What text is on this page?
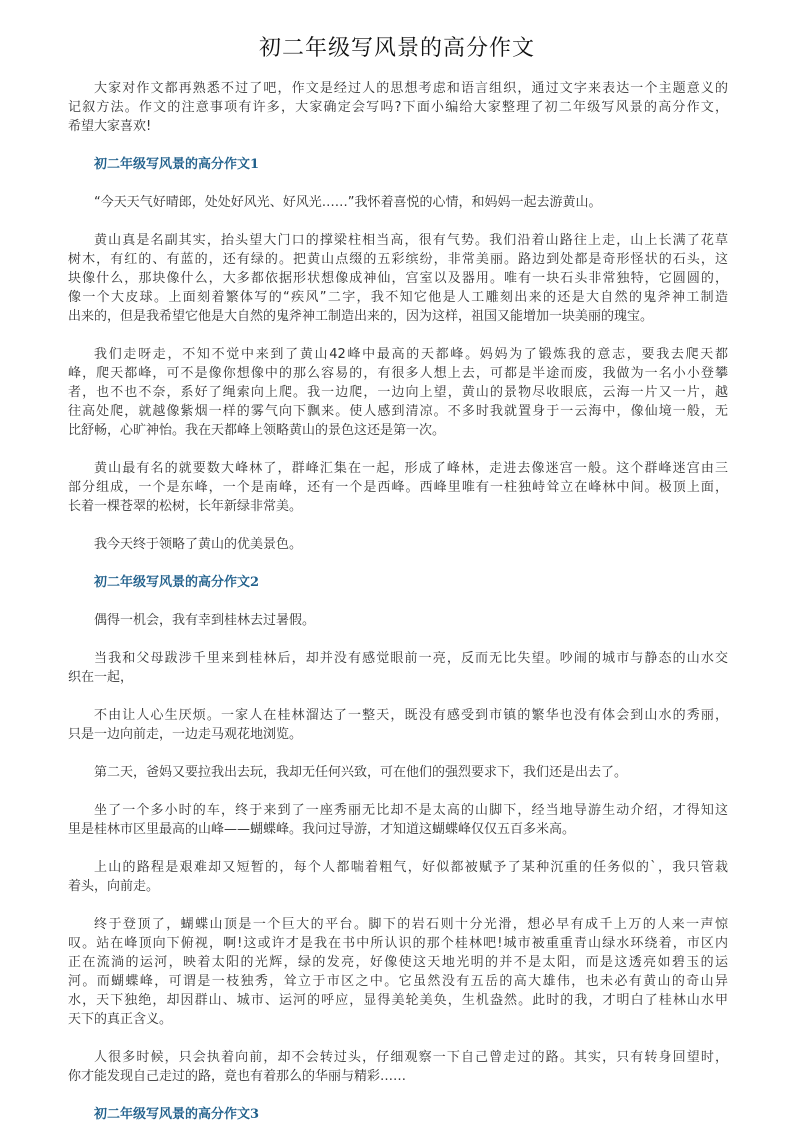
初二年级写风景的高分作文
大家对作文都再熟悉不过了吧，作文是经过人的思想考虑和语言组织，通过文字来表达一个主题意义的
记叙方法。作文的注意事项有许多，大家确定会写吗?下面小编给大家整理了初二年级写风景的高分作文，
希望大家喜欢!
初二年级写风景的高分作文1
“今天天气好晴郎，处处好风光、好风光……”我怀着喜悦的心情，和妈妈一起去游黄山。
黄山真是名副其实，抬头望大门口的撑梁柱相当高，很有气势。我们沿着山路往上走，山上长满了花草
树木，有红的、有蓝的，还有绿的。把黄山点缀的五彩缤纷，非常美丽。路边到处都是奇形怪状的石头，这
块像什么，那块像什么，大多都依据形状想像成神仙，宫室以及器用。唯有一块石头非常独特，它圆圆的，
像一个大皮球。上面刻着繁体写的“疾风”二字，我不知它他是人工雕刻出来的还是大自然的鬼斧神工制造
出来的，但是我希望它他是大自然的鬼斧神工制造出来的，因为这样，祖国又能增加一块美丽的瑰宝。
我们走呀走，不知不觉中来到了黄山42峰中最高的天都峰。妈妈为了锻炼我的意志，要我去爬天都
峰，爬天都峰，可不是像你想像中的那么容易的，有很多人想上去，可都是半途而废，我做为一名小小登攀
者，也不也不奈，系好了绳索向上爬。我一边爬，一边向上望，黄山的景物尽收眼底，云海一片又一片，越
往高处爬，就越像紫烟一样的雾气向下飘来。使人感到清凉。不多时我就置身于一云海中，像仙境一般，无
比舒畅，心旷神怡。我在天都峰上领略黄山的景色这还是第一次。
黄山最有名的就要数大峰林了，群峰汇集在一起，形成了峰林，走进去像迷宫一般。这个群峰迷宫由三
部分组成，一个是东峰，一个是南峰，还有一个是西峰。西峰里唯有一柱独峙耸立在峰林中间。极顶上面，
长着一棵苍翠的松树，长年新绿非常美。
我今天终于领略了黄山的优美景色。
初二年级写风景的高分作文2
偶得一机会，我有幸到桂林去过暑假。
当我和父母跋涉千里来到桂林后，却并没有感觉眼前一亮，反而无比失望。吵闹的城市与静态的山水交
织在一起，
不由让人心生厌烦。一家人在桂林溜达了一整天，既没有感受到市镇的繁华也没有体会到山水的秀丽，
只是一边向前走，一边走马观花地浏览。
第二天，爸妈又要拉我出去玩，我却无任何兴致，可在他们的强烈要求下，我们还是出去了。
坐了一个多小时的车，终于来到了一座秀丽无比却不是太高的山脚下，经当地导游生动介绍，才得知这
里是桂林市区里最高的山峰——蝴蝶峰。我问过导游，才知道这蝴蝶峰仅仅五百多米高。
上山的路程是艰难却又短暂的，每个人都喘着粗气，好似都被赋予了某种沉重的任务似的`，我只管栽
着头，向前走。
终于登顶了，蝴蝶山顶是一个巨大的平台。脚下的岩石则十分光滑，想必早有成千上万的人来一声惊
叹。站在峰顶向下俯视，啊!这或许才是我在书中所认识的那个桂林吧!城市被重重青山绿水环绕着，市区内
正在流淌的运河，映着太阳的光辉，绿的发亮，好像使这天地光明的并不是太阳，而是这透亮如碧玉的运
河。而蝴蝶峰，可谓是一枝独秀，耸立于市区之中。它虽然没有五岳的高大雄伟，也未必有黄山的奇山异
水，天下独绝，却因群山、城市、运河的呼应，显得美轮美奂，生机盎然。此时的我，才明白了桂林山水甲
天下的真正含义。
人很多时候，只会执着向前，却不会转过头，仔细观察一下自己曾走过的路。其实，只有转身回望时，
你才能发现自己走过的路，竟也有着那么的华丽与精彩……
初二年级写风景的高分作文3
